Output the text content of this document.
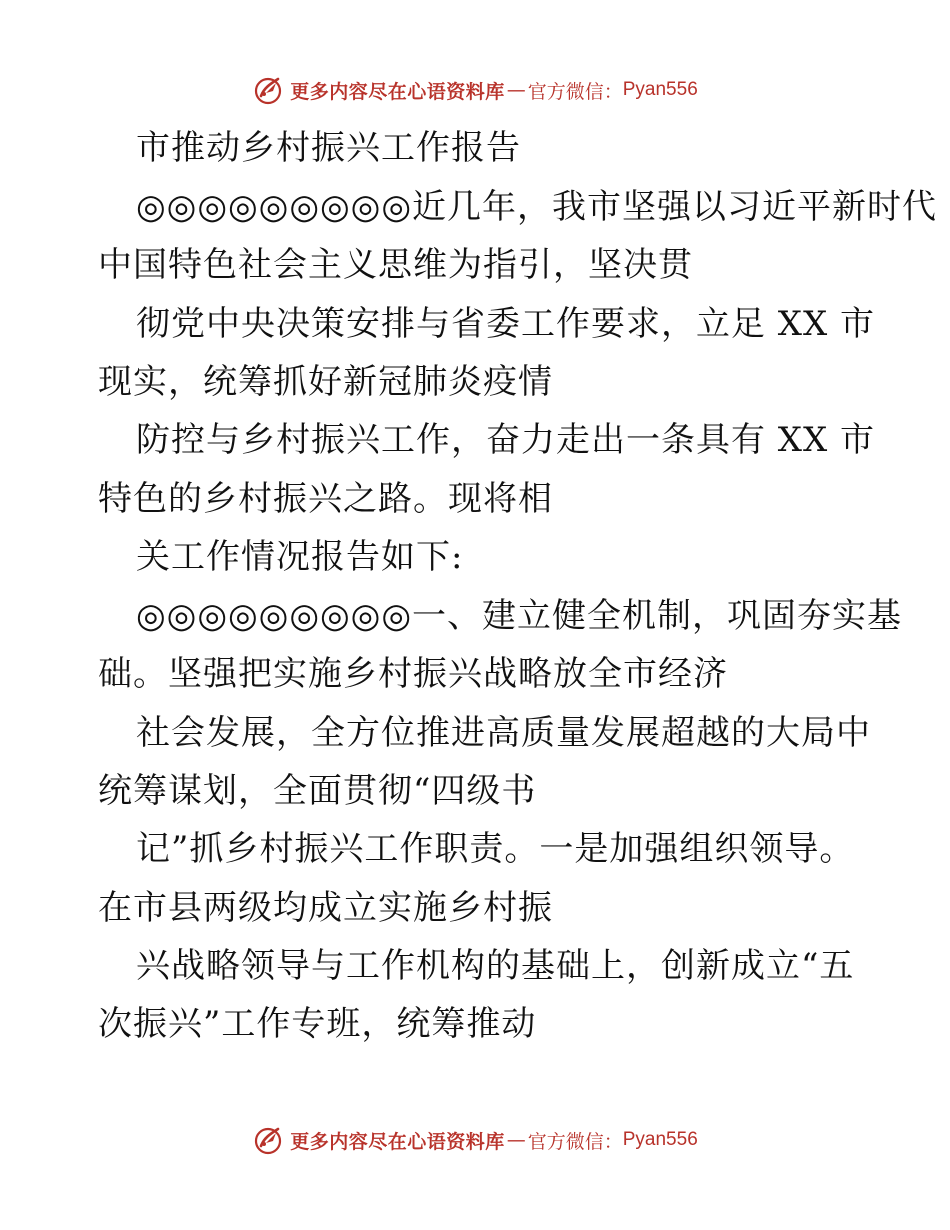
更多内容尽在心语资料库 — 官方微信： Pyan556
市推动乡村振兴工作报告
◎◎◎◎◎◎◎◎◎近几年，我市坚强以习近平新时代
中国特色社会主义思维为指引，坚决贯
彻党中央决策安排与省委工作要求，立足 XX 市
现实，统筹抓好新冠肺炎疫情
防控与乡村振兴工作，奋力走出一条具有 XX 市
特色的乡村振兴之路。现将相
关工作情况报告如下:
◎◎◎◎◎◎◎◎◎一、建立健全机制，巩固夯实基
础。坚强把实施乡村振兴战略放全市经济
社会发展，全方位推进高质量发展超越的大局中
统筹谋划，全面贯彻“四级书
记”抓乡村振兴工作职责。一是加强组织领导。
在市县两级均成立实施乡村振
兴战略领导与工作机构的基础上，创新成立“五
次振兴”工作专班，统筹推动
更多内容尽在心语资料库 — 官方微信： Pyan556
